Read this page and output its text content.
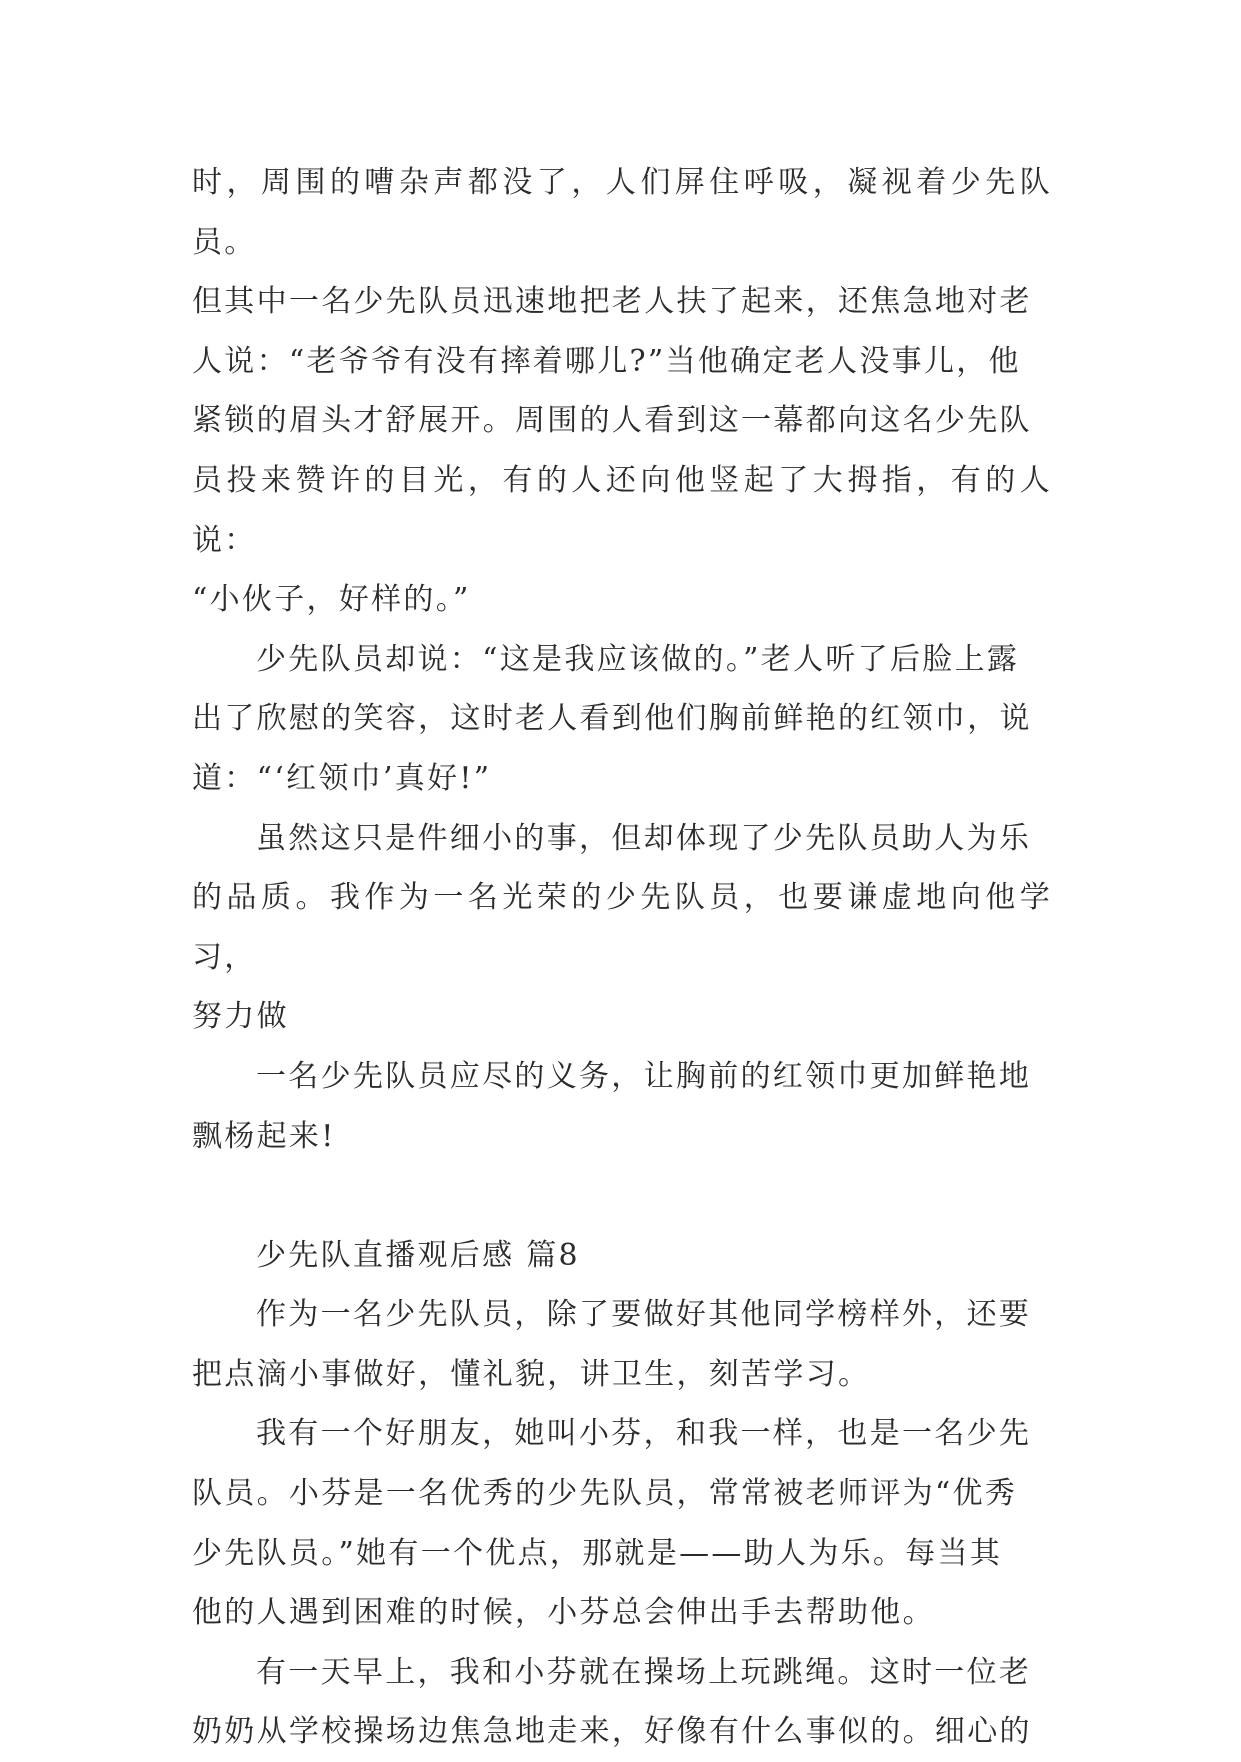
时，周围的嘈杂声都没了，人们屏住呼吸，凝视着少先队员。
但其中一名少先队员迅速地把老人扶了起来，还焦急地对老
人说：“老爷爷有没有摔着哪儿?”当他确定老人没事儿，他
紧锁的眉头才舒展开。周围的人看到这一幕都向这名少先队
员投来赞许的目光，有的人还向他竖起了大拇指，有的人说：
“小伙子，好样的。”

少先队员却说：“这是我应该做的。”老人听了后脸上露
出了欣慰的笑容，这时老人看到他们胸前鲜艳的红领巾，说
道：“‘红领巾’真好!”

虽然这只是件细小的事，但却体现了少先队员助人为乐
的品质。我作为一名光荣的少先队员，也要谦虚地向他学习，
努力做

一名少先队员应尽的义务，让胸前的红领巾更加鲜艳地
飘杨起来!

少先队直播观后感 篇8

作为一名少先队员，除了要做好其他同学榜样外，还要
把点滴小事做好，懂礼貌，讲卫生，刻苦学习。

我有一个好朋友，她叫小芬，和我一样，也是一名少先
队员。小芬是一名优秀的少先队员，常常被老师评为“优秀
少先队员。”她有一个优点，那就是——助人为乐。每当其
他的人遇到困难的时候，小芬总会伸出手去帮助他。

有一天早上，我和小芬就在操场上玩跳绳。这时一位老
奶奶从学校操场边焦急地走来，好像有什么事似的。细心的
